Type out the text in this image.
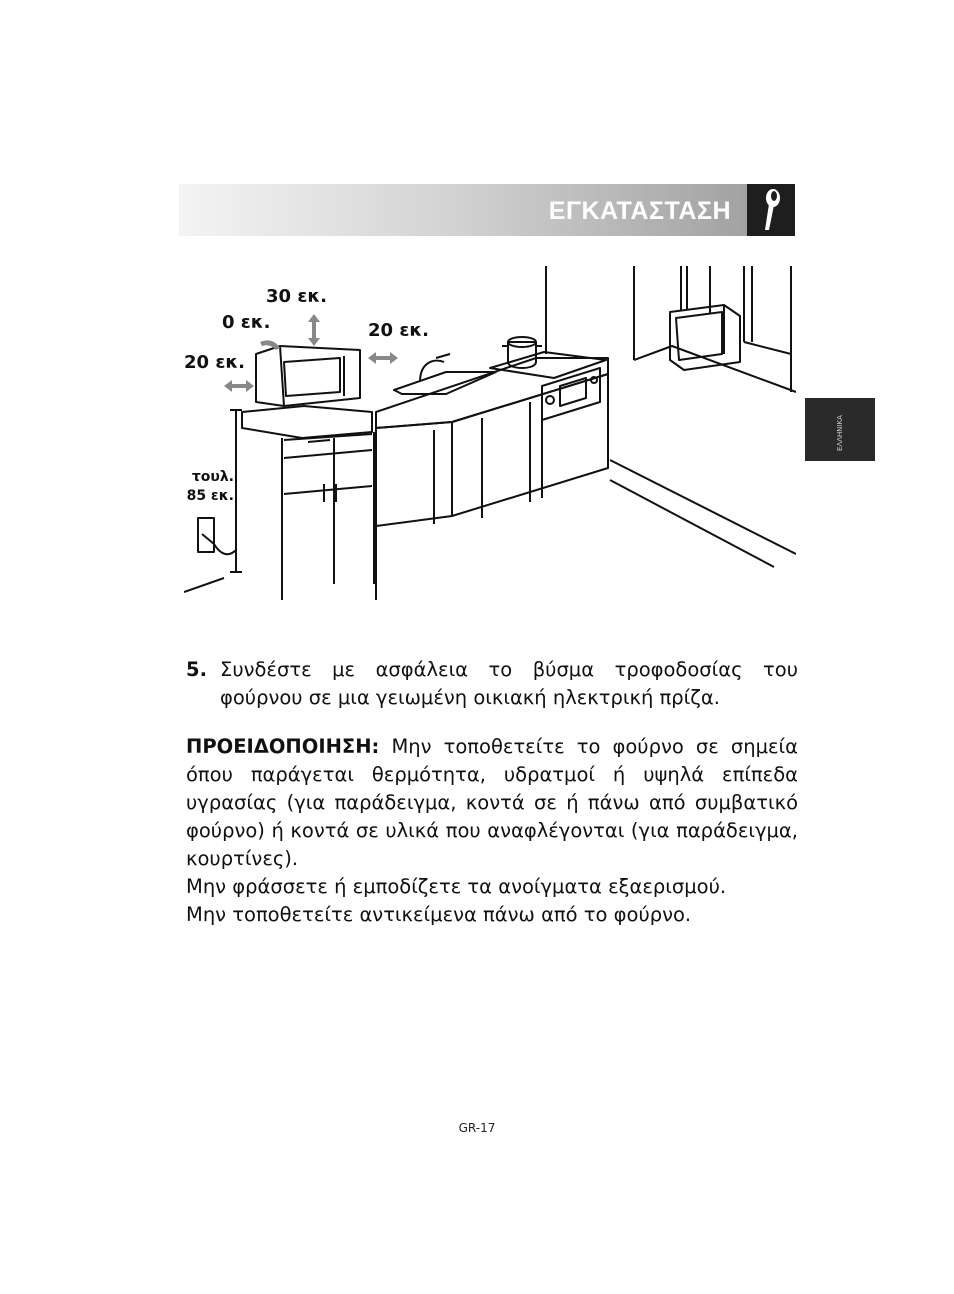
ΕΓΚΑΤΑΣΤΑΣΗ
ΕΛΛΗΝΙΚΑ
30 εκ.
0 εκ.	20 εκ.
20 εκ.
τουλ.
85 εκ.
5. Συνδέστε με ασφάλεια το βύσμα τροφοδοσίας του φούρνου σε μια γειωμένη οικιακή ηλεκτρική πρίζα.

ΠΡΟΕΙΔΟΠΟΙΗΣΗ: Μην τοποθετείτε το φούρνο σε σημεία όπου παράγεται θερμότητα, υδρατμοί ή υψηλά επίπεδα υγρασίας (για παράδειγμα, κοντά σε ή πάνω από συμβατικό φούρνο) ή κοντά σε υλικά που αναφλέγονται (για παράδειγμα, κουρτίνες).

Μην φράσσετε ή εμποδίζετε τα ανοίγματα εξαερισμού.

Μην τοποθετείτε αντικείμενα πάνω από το φούρνο.

GR-17
